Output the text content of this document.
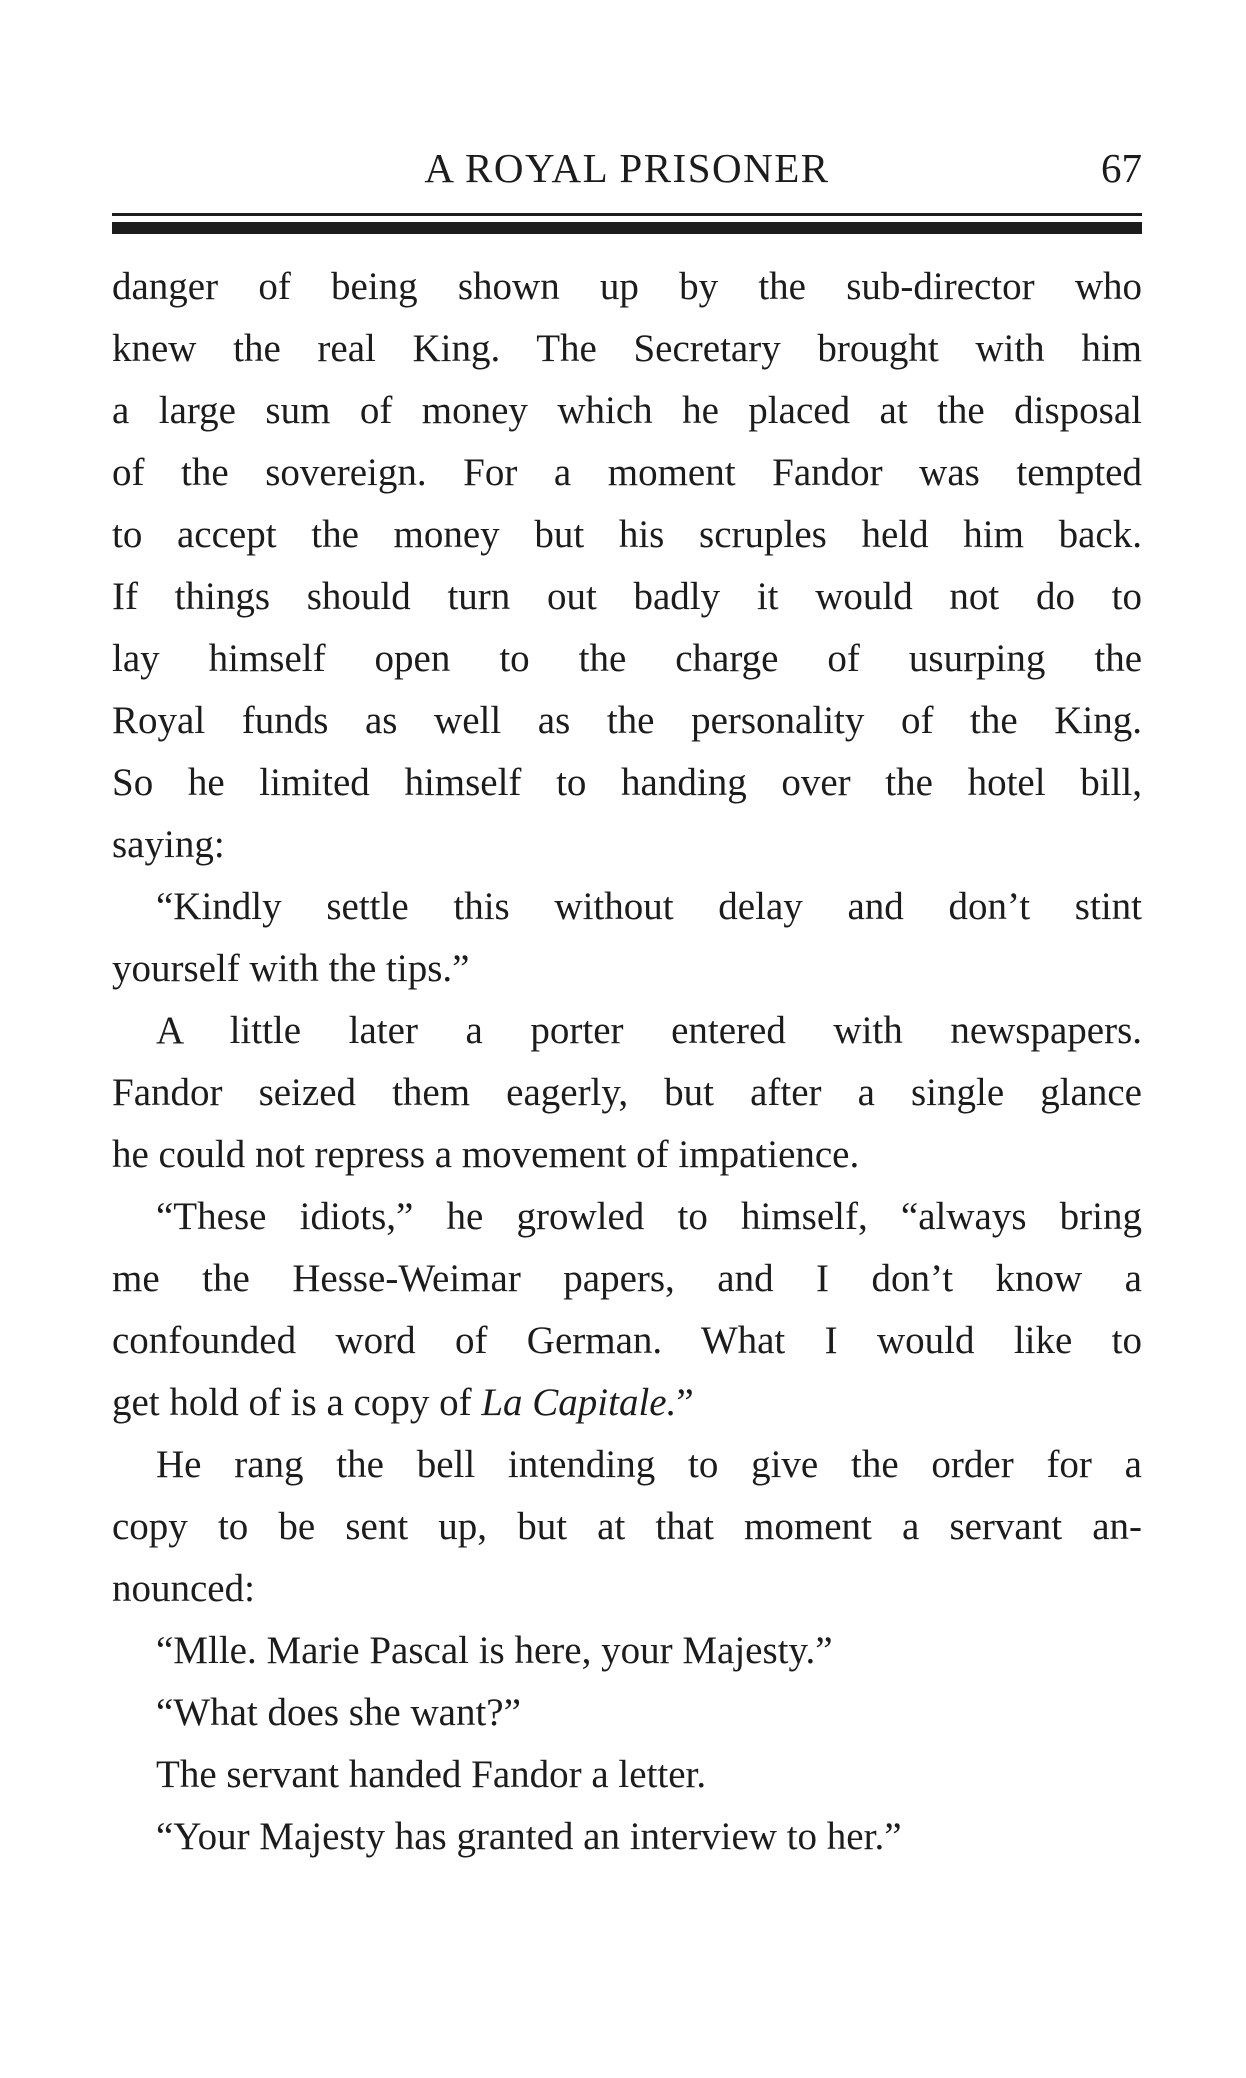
A ROYAL PRISONER	67
danger of being shown up by the sub-director who
knew the real King. The Secretary brought with him
a large sum of money which he placed at the disposal
of the sovereign. For a moment Fandor was tempted
to accept the money but his scruples held him back.
If things should turn out badly it would not do to
lay himself open to the charge of usurping the
Royal funds as well as the personality of the King.
So he limited himself to handing over the hotel bill,
saying:
“Kindly settle this without delay and don’t stint
yourself with the tips.”
A little later a porter entered with newspapers.
Fandor seized them eagerly, but after a single glance
he could not repress a movement of impatience.
“These idiots,” he growled to himself, “always bring
me the Hesse-Weimar papers, and I don’t know a
confounded word of German. What I would like to
get hold of is a copy of La Capitale.”
He rang the bell intending to give the order for a
copy to be sent up, but at that moment a servant an-
nounced:
“Mlle. Marie Pascal is here, your Majesty.”
“What does she want?”
The servant handed Fandor a letter.
“Your Majesty has granted an interview to her.”
